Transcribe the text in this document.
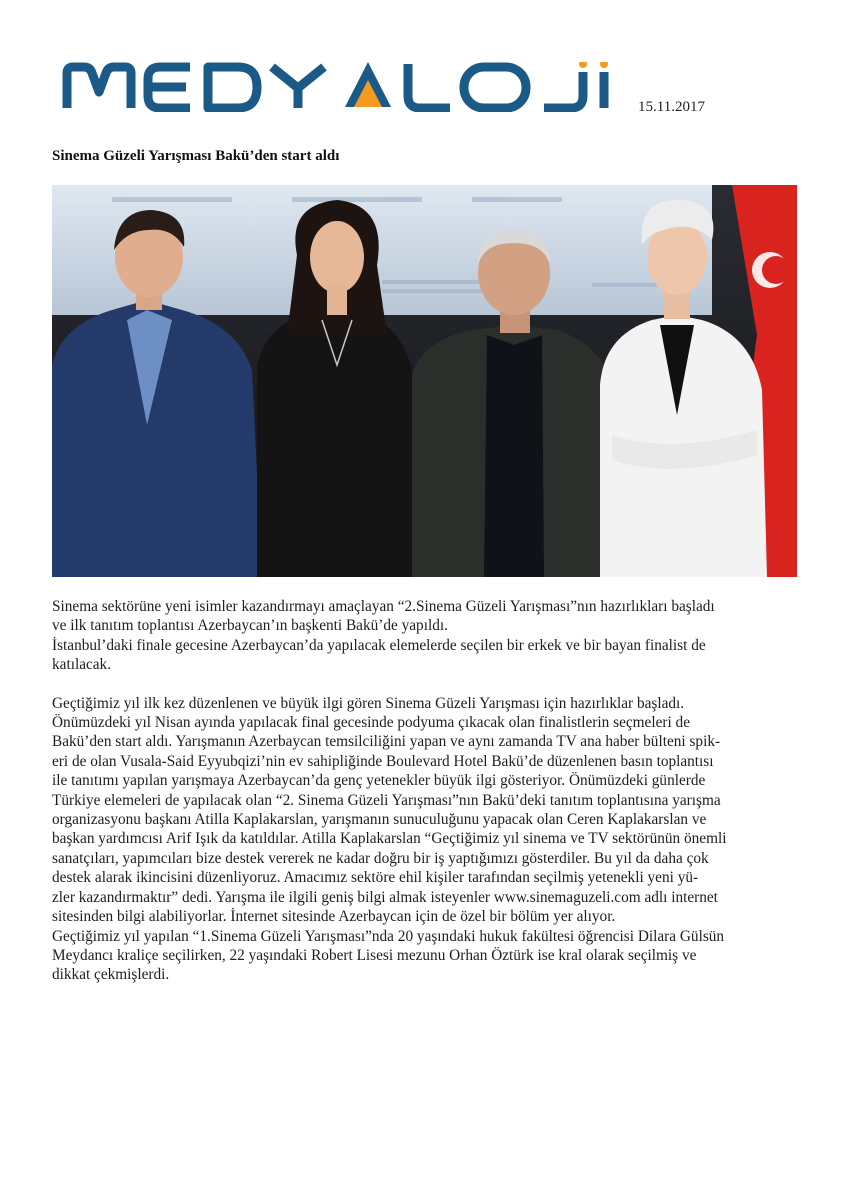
15.11.2017
Sinema Güzeli Yarışması Bakü’den start aldı

Sinema sektörüne yeni isimler kazandırmayı amaçlayan “2.Sinema Güzeli Yarışması”nın hazırlıkları başladı

ve ilk tanıtım toplantısı Azerbaycan’ın başkenti Bakü’de yapıldı.

İstanbul’daki finale gecesine Azerbaycan’da yapılacak elemelerde seçilen bir erkek ve bir bayan finalist de

katılacak.

Geçtiğimiz yıl ilk kez düzenlenen ve büyük ilgi gören Sinema Güzeli Yarışması için hazırlıklar başladı.

Önümüzdeki yıl Nisan ayında yapılacak final gecesinde podyuma çıkacak olan finalistlerin seçmeleri de

Bakü’den start aldı. Yarışmanın Azerbaycan temsilciliğini yapan ve aynı zamanda TV ana haber bülteni spik-

eri de olan Vusala-Said Eyyubqizi’nin ev sahipliğinde Boulevard Hotel Bakü’de düzenlenen basın toplantısı

ile tanıtımı yapılan yarışmaya Azerbaycan’da genç yetenekler büyük ilgi gösteriyor. Önümüzdeki günlerde

Türkiye elemeleri de yapılacak olan “2. Sinema Güzeli Yarışması”nın Bakü’deki tanıtım toplantısına yarışma

organizasyonu başkanı Atilla Kaplakarslan, yarışmanın sunuculuğunu yapacak olan Ceren Kaplakarslan ve

başkan yardımcısı Arif Işık da katıldılar. Atilla Kaplakarslan “Geçtiğimiz yıl sinema ve TV sektörünün önemli

sanatçıları, yapımcıları bize destek vererek ne kadar doğru bir iş yaptığımızı gösterdiler. Bu yıl da daha çok

destek alarak ikincisini düzenliyoruz. Amacımız sektöre ehil kişiler tarafından seçilmiş yetenekli yeni yü-

zler kazandırmaktır” dedi. Yarışma ile ilgili geniş bilgi almak isteyenler www.sinemaguzeli.com adlı internet

sitesinden bilgi alabiliyorlar. İnternet sitesinde Azerbaycan için de özel bir bölüm yer alıyor.

Geçtiğimiz yıl yapılan “1.Sinema Güzeli Yarışması”nda 20 yaşındaki hukuk fakültesi öğrencisi Dilara Gülsün

Meydancı kraliçe seçilirken, 22 yaşındaki Robert Lisesi mezunu Orhan Öztürk ise kral olarak seçilmiş ve

dikkat çekmişlerdi.
